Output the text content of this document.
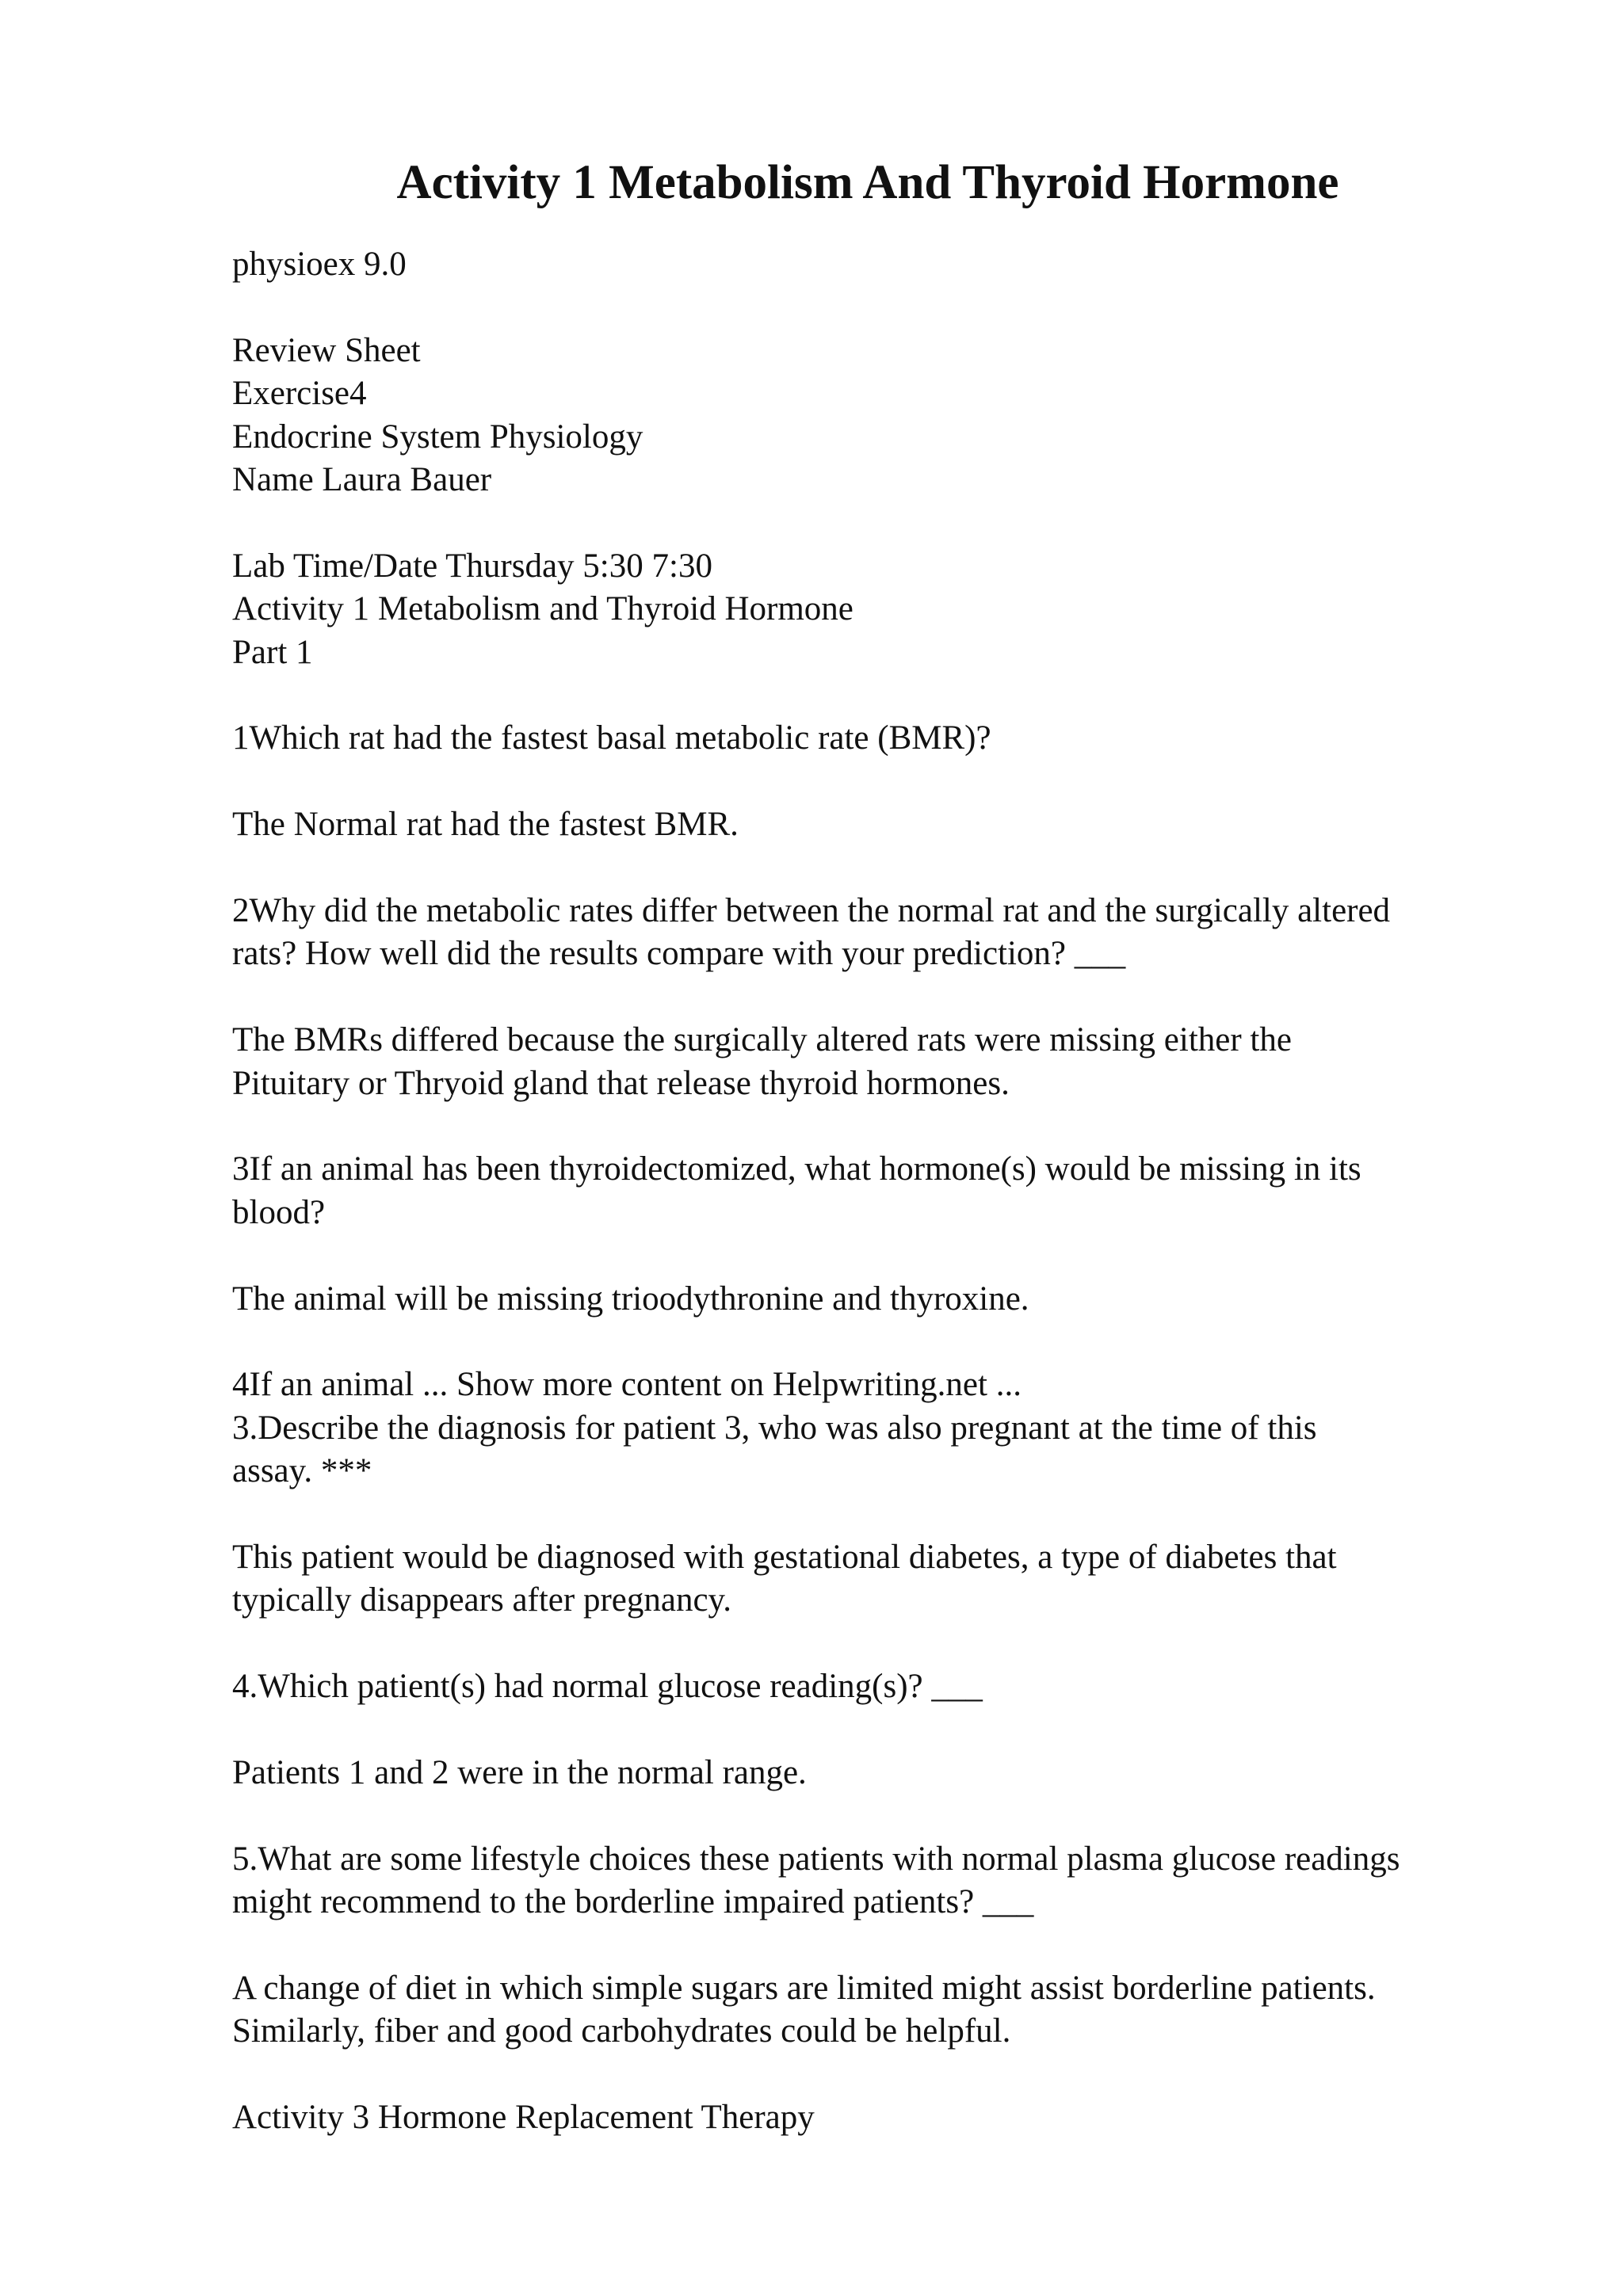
Activity 1 Metabolism And Thyroid Hormone
physioex 9.0
Review Sheet
Exercise4
Endocrine System Physiology
Name Laura Bauer
Lab Time/Date Thursday 5:30 7:30
Activity 1 Metabolism and Thyroid Hormone
Part 1
1Which rat had the fastest basal metabolic rate (BMR)?
The Normal rat had the fastest BMR.
2Why did the metabolic rates differ between the normal rat and the surgically altered
rats? How well did the results compare with your prediction? ___
The BMRs differed because the surgically altered rats were missing either the
Pituitary or Thryoid gland that release thyroid hormones.
3If an animal has been thyroidectomized, what hormone(s) would be missing in its
blood?
The animal will be missing trioodythronine and thyroxine.
4If an animal ... Show more content on Helpwriting.net ...
3.Describe the diagnosis for patient 3, who was also pregnant at the time of this
assay. ***
This patient would be diagnosed with gestational diabetes, a type of diabetes that
typically disappears after pregnancy.
4.Which patient(s) had normal glucose reading(s)? ___
Patients 1 and 2 were in the normal range.
5.What are some lifestyle choices these patients with normal plasma glucose readings
might recommend to the borderline impaired patients? ___
A change of diet in which simple sugars are limited might assist borderline patients.
Similarly, fiber and good carbohydrates could be helpful.
Activity 3 Hormone Replacement Therapy
